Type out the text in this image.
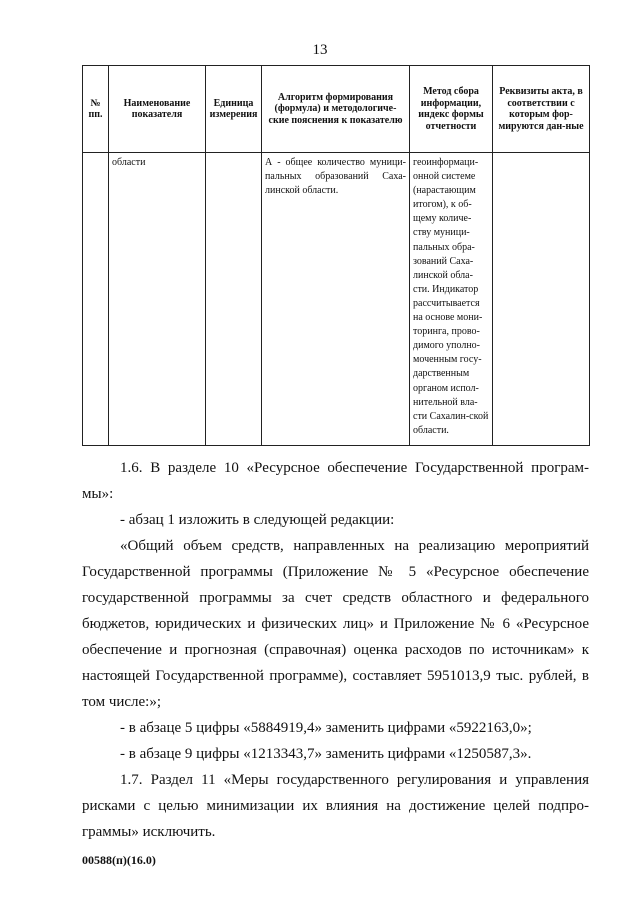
13
№ пп.	Наименование показателя	Единица измерения	Алгоритм формирования (формула) и методологиче-ские пояснения к показателю	Метод сбора информации, индекс формы отчетности	Реквизиты акта, в соответствии с которым фор-мируются дан-ные
	области		А - общее количество муници-пальных образований Саха-линской области.	геоинформаци-онной системе (нарастающим итогом), к об-щему количе-ству муници-пальных обра-зований Саха-линской обла-сти. Индикатор рассчитывается на основе мони-торинга, прово-димого уполно-моченным госу-дарственным органом испол-нительной вла-сти Сахалин-ской области.	

1.6. В разделе 10 «Ресурсное обеспечение Государственной програм-мы»:

- абзац 1 изложить в следующей редакции:

«Общий объем средств, направленных на реализацию мероприятий Государственной программы (Приложение № 5 «Ресурсное обеспечение государственной программы за счет средств областного и федерального бюджетов, юридических и физических лиц» и Приложение № 6 «Ресурсное обеспечение и прогнозная (справочная) оценка расходов по источникам» к настоящей Государственной программе), составляет 5951013,9 тыс. рублей, в том числе:»;

- в абзаце 5 цифры «5884919,4» заменить цифрами «5922163,0»;

- в абзаце 9 цифры «1213343,7» заменить цифрами «1250587,3».

1.7. Раздел 11 «Меры государственного регулирования и управления рисками с целью минимизации их влияния на достижение целей подпро-граммы» исключить.

00588(п)(16.0)
